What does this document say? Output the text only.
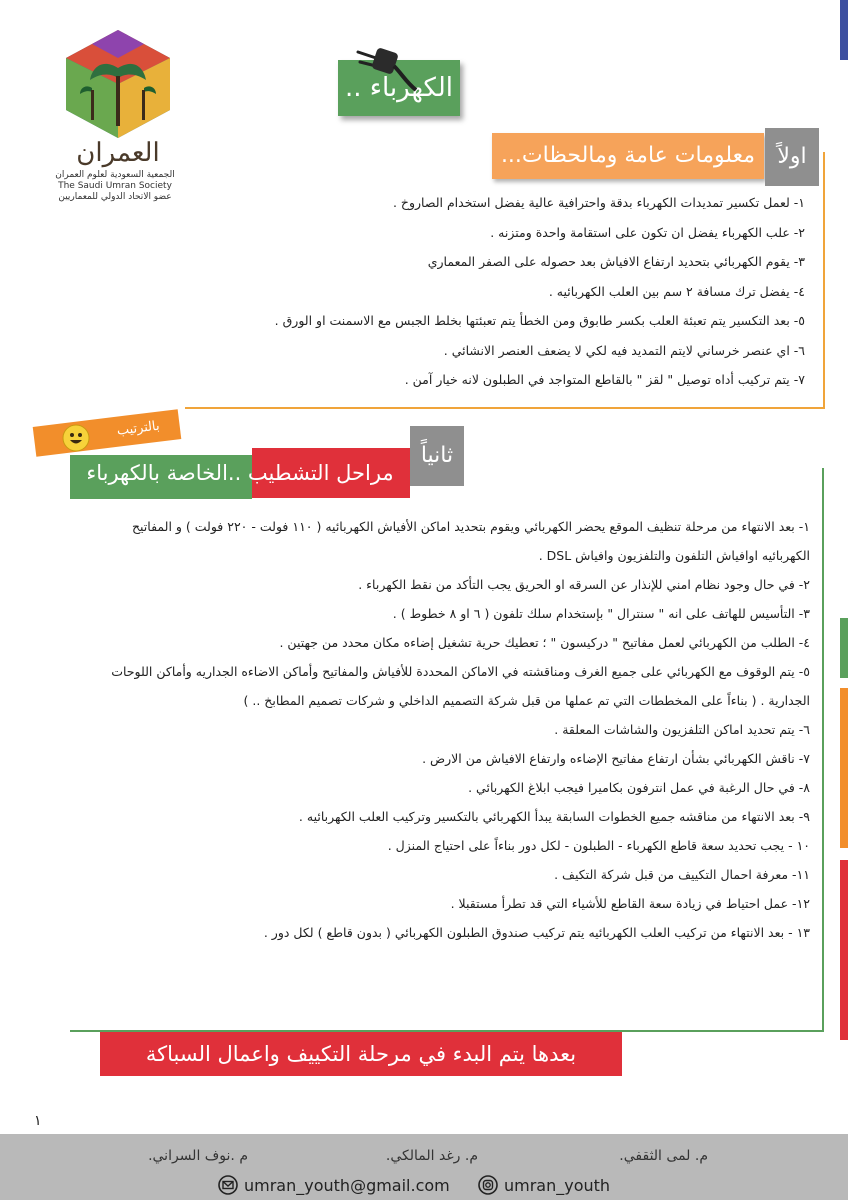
العمران
الجمعية السعودية لعلوم العمران
The Saudi Umran Society
عضو الاتحاد الدولي للمعماريين
الكهرباء ..
معلومات عامة ومالحظات...	اولاً
١- لعمل تكسير تمديدات الكهرباء بدقة واحترافية عالية يفضل استخدام الصاروخ .
٢- علب الكهرباء يفضل ان تكون على استقامة واحدة ومتزنه .
٣- يقوم الكهربائي بتحديد ارتفاع الافياش بعد حصوله على الصفر المعماري
٤- يفضل ترك مسافة ٢ سم بين العلب الكهربائيه .
٥- بعد التكسير يتم تعبئة العلب بكسر طابوق ومن الخطأ يتم تعبئتها بخلط الجبس مع الاسمنت او الورق .
٦- اي عنصر خرساني لايتم التمديد فيه لكي لا يضعف العنصر الانشائي .
٧- يتم تركيب أداه توصيل " لقز " بالقاطع المتواجد في الطبلون لانه خيار آمن .
بالترتيب
مراحل التشطيب ..الخاصة بالكهرباء
ثانياً
١- بعد الانتهاء من مرحلة تنظيف الموقع يحضر الكهربائي ويقوم بتحديد اماكن الأفياش الكهربائيه ( ١١٠ فولت - ٢٢٠ فولت ) و المفاتيح الكهربائيه اوافياش التلفون والتلفزيون وافياش DSL .
٢- في حال وجود نظام امني للإنذار عن السرقه او الحريق يجب التأكد من نقط الكهرباء .
٣- التأسيس للهاتف على انه " سنترال " بإستخدام سلك تلفون ( ٦ او ٨ خطوط ) .
٤- الطلب من الكهربائي لعمل مفاتيح " دركيسون " ؛ تعطيك حرية تشغيل إضاءه مكان محدد من جهتين .
٥- يتم الوقوف مع الكهربائي على جميع الغرف ومناقشته في الاماكن المحددة للأفياش والمفاتيح وأماكن الاضاءه الجداريه وأماكن اللوحات الجدارية . ( بناءاً على المخططات التي تم عملها من قبل شركة التصميم الداخلي و شركات تصميم المطابخ .. )
٦- يتم تحديد اماكن التلفزيون والشاشات المعلقة .
٧- ناقش الكهربائي بشأن ارتفاع مفاتيح الإضاءه وارتفاع الافياش من الارض .
٨- في حال الرغبة في عمل انترفون بكاميرا فيجب ابلاغ الكهربائي .
٩- بعد الانتهاء من مناقشه جميع الخطوات السابقة يبدأ الكهربائي بالتكسير وتركيب العلب الكهربائيه .
١٠ - يجب تحديد سعة قاطع الكهرباء - الطبلون - لكل دور بناءاً على احتياج المنزل .
١١- معرفة احمال التكييف من قبل شركة التكيف .
١٢- عمل احتياط في زيادة سعة القاطع للأشياء التي قد تطرأ مستقبلا .
١٣ - بعد الانتهاء من تركيب العلب الكهربائيه يتم تركيب صندوق الطبلون الكهربائي ( بدون قاطع ) لكل دور .
بعدها يتم البدء في مرحلة التكييف واعمال السباكة
١
م. لمى الثقفي.
م. رغد المالكي.
م .نوف السراني.
umran_youth@gmail.com	umran_youth
